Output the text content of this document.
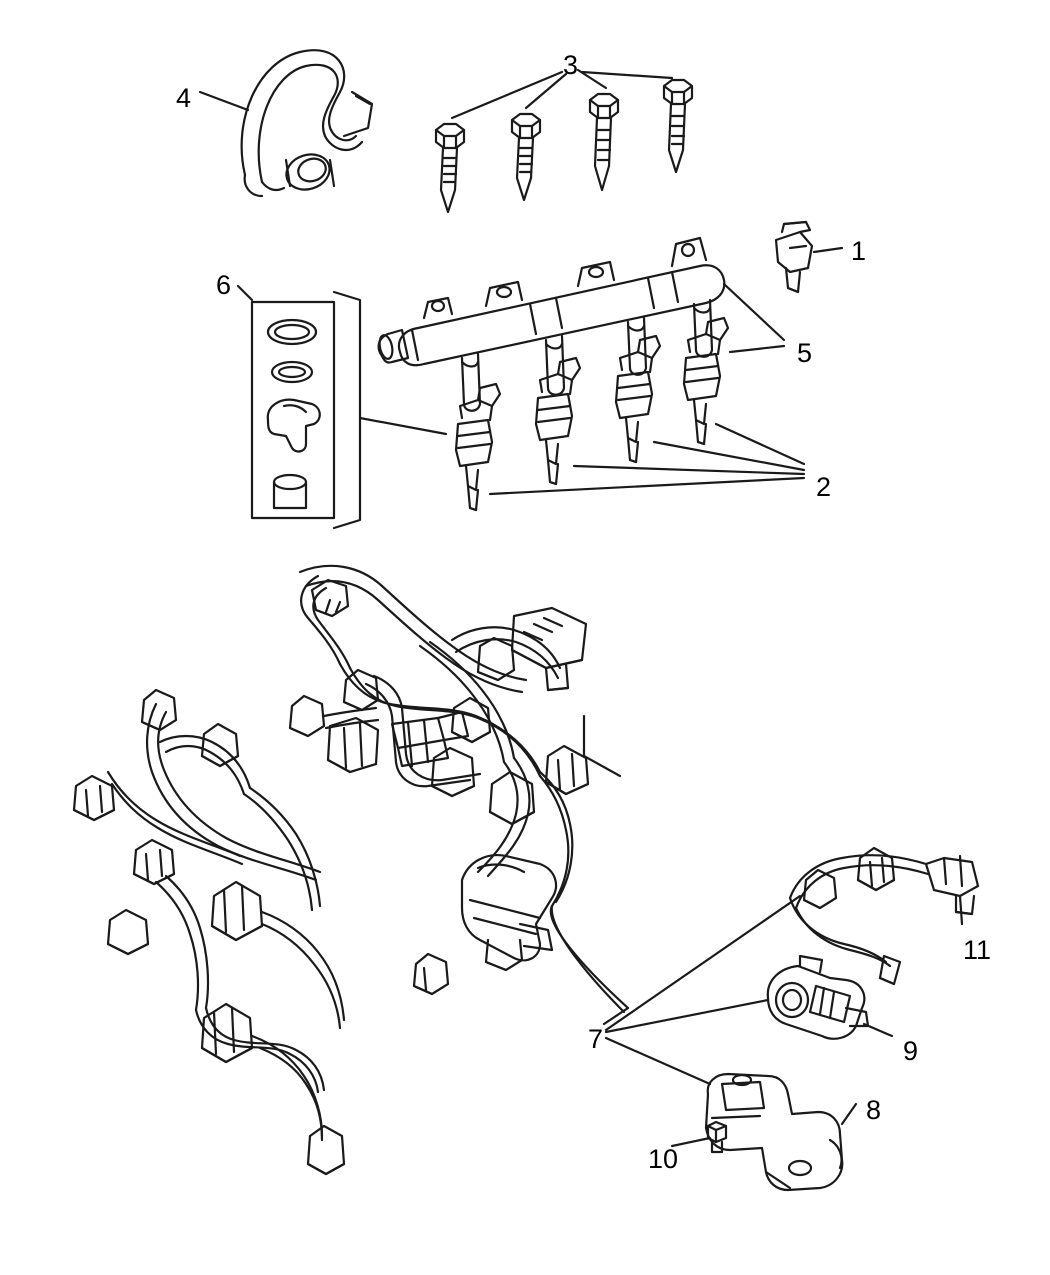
1
2
3
4
5
6
7
8
9
10
11
